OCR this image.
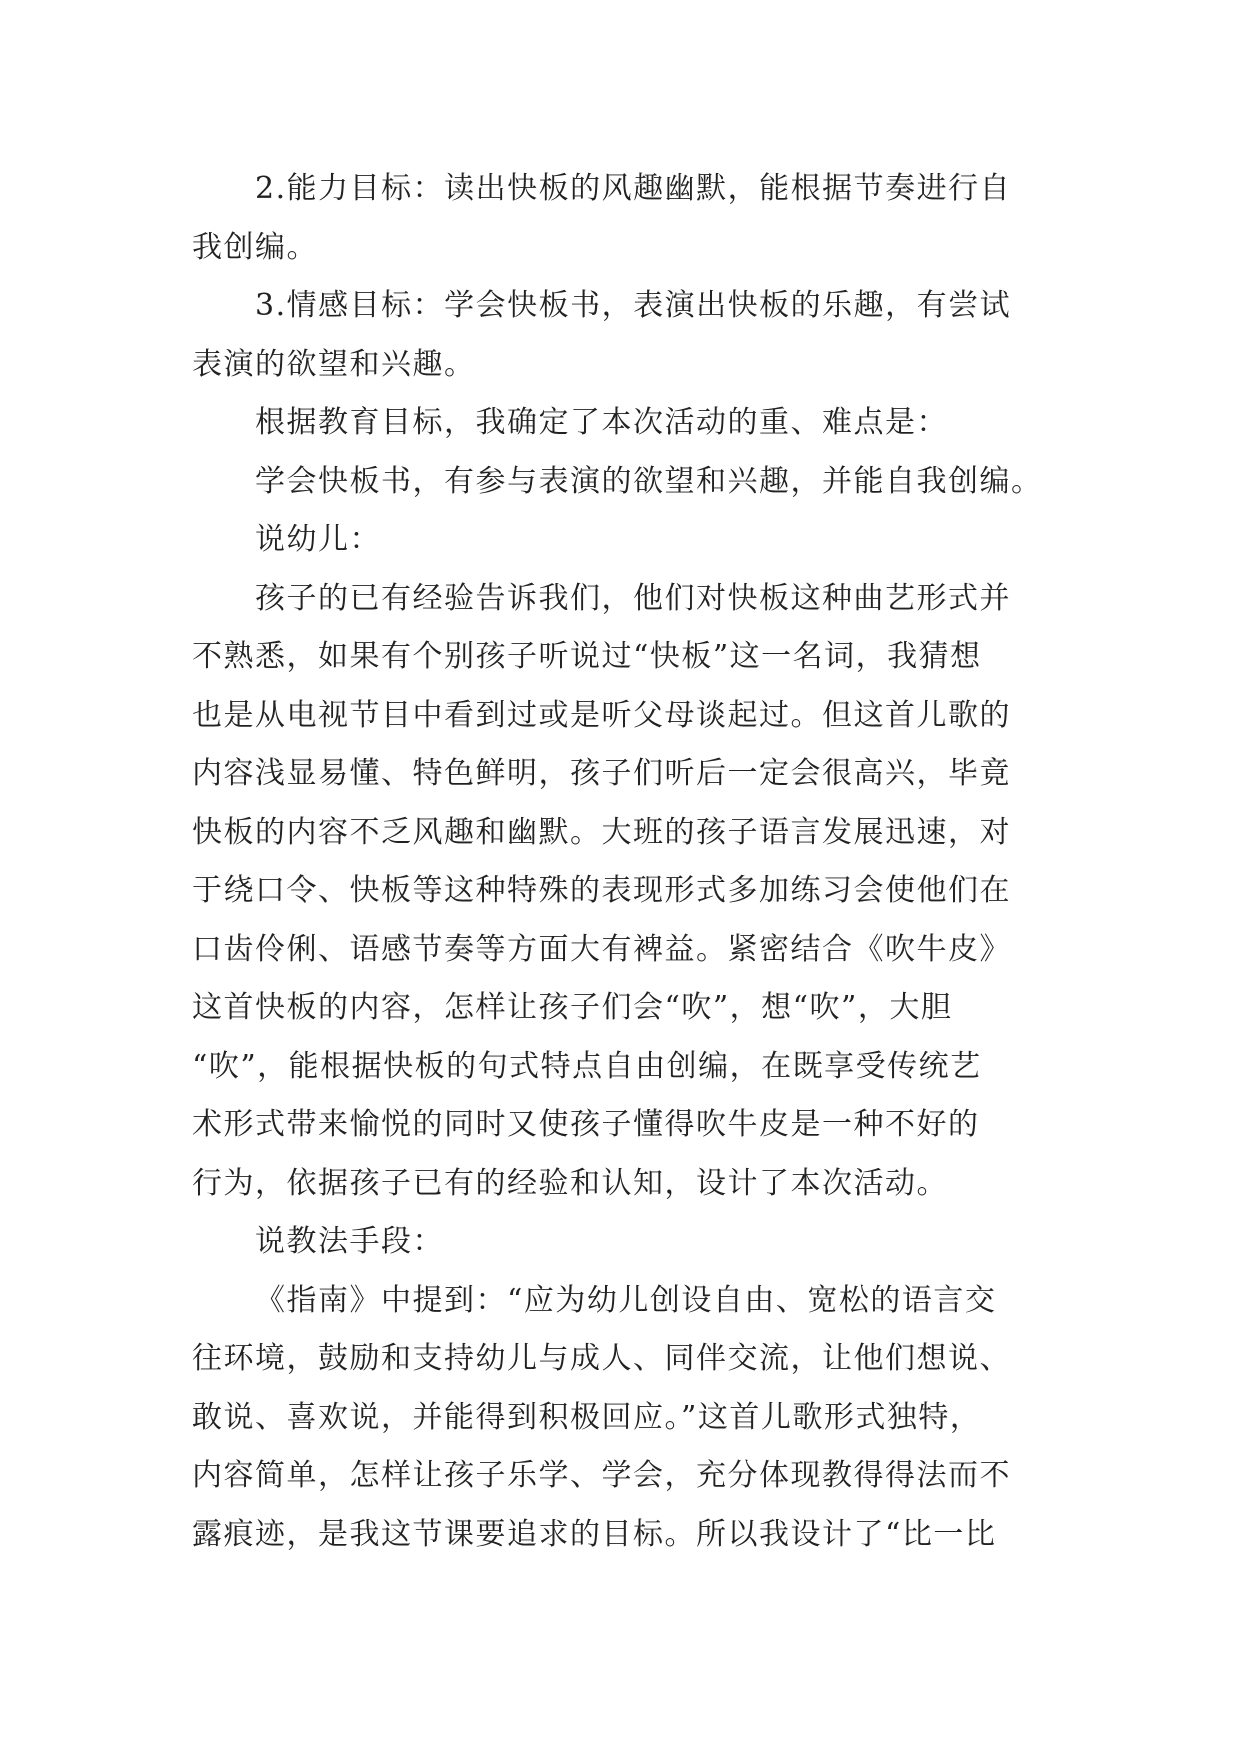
2.能力目标：读出快板的风趣幽默，能根据节奏进行自
我创编。
3.情感目标：学会快板书，表演出快板的乐趣，有尝试
表演的欲望和兴趣。
根据教育目标，我确定了本次活动的重、难点是：
学会快板书，有参与表演的欲望和兴趣，并能自我创编。
说幼儿：
孩子的已有经验告诉我们，他们对快板这种曲艺形式并
不熟悉，如果有个别孩子听说过“快板”这一名词，我猜想
也是从电视节目中看到过或是听父母谈起过。但这首儿歌的
内容浅显易懂、特色鲜明，孩子们听后一定会很高兴，毕竟
快板的内容不乏风趣和幽默。大班的孩子语言发展迅速，对
于绕口令、快板等这种特殊的表现形式多加练习会使他们在
口齿伶俐、语感节奏等方面大有裨益。紧密结合《吹牛皮》
这首快板的内容，怎样让孩子们会“吹”，想“吹”，大胆
“吹”，能根据快板的句式特点自由创编，在既享受传统艺
术形式带来愉悦的同时又使孩子懂得吹牛皮是一种不好的
行为，依据孩子已有的经验和认知，设计了本次活动。
说教法手段：
《指南》中提到：“应为幼儿创设自由、宽松的语言交
往环境，鼓励和支持幼儿与成人、同伴交流，让他们想说、
敢说、喜欢说，并能得到积极回应。”这首儿歌形式独特，
内容简单，怎样让孩子乐学、学会，充分体现教得得法而不
露痕迹，是我这节课要追求的目标。所以我设计了“比一比
